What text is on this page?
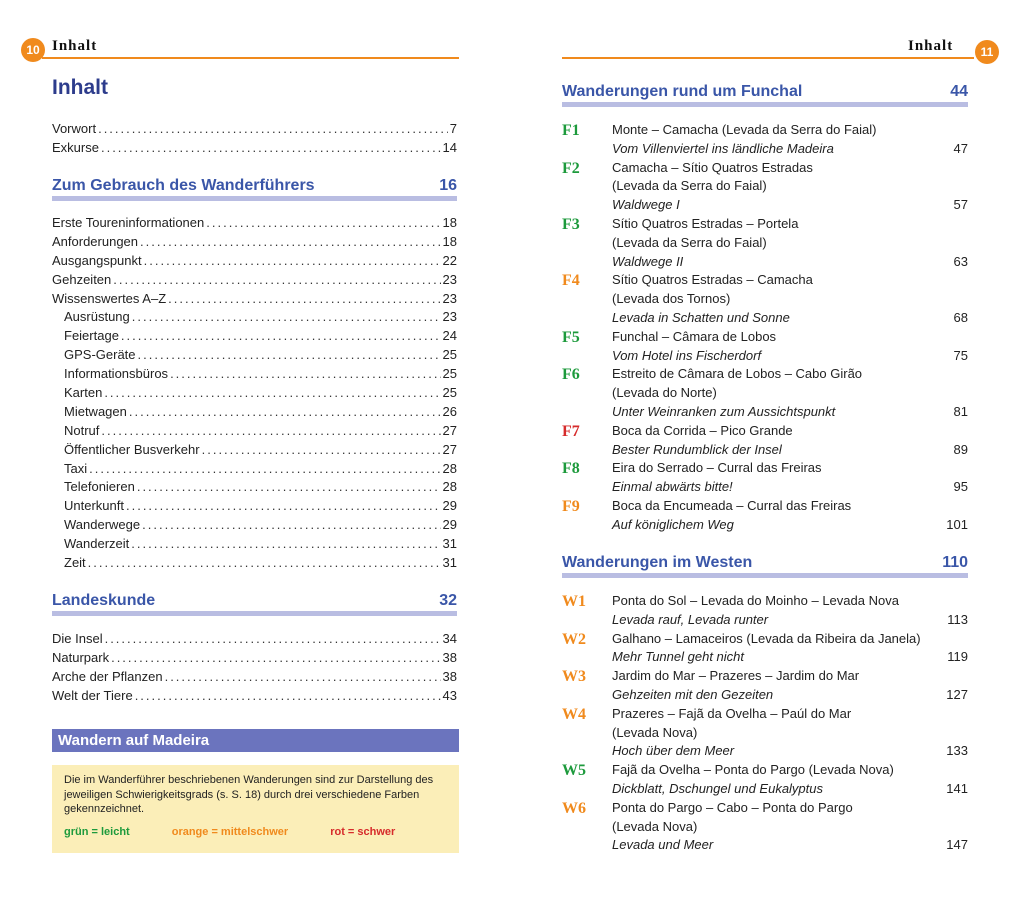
10 Inhalt
Inhalt
Vorwort .....	7
Exkurse .....	14
Zum Gebrauch des Wanderführers	16
Erste Toureninformationen .....	18
Anforderungen .....	18
Ausgangspunkt .....	22
Gehzeiten .....	23
Wissenswertes A–Z .....	23
Ausrüstung .....	23
Feiertage .....	24
GPS-Geräte .....	25
Informationsbüros .....	25
Karten .....	25
Mietwagen .....	26
Notruf .....	27
Öffentlicher Busverkehr .....	27
Taxi .....	28
Telefonieren .....	28
Unterkunft .....	29
Wanderwege .....	29
Wanderzeit .....	31
Zeit .....	31
Landeskunde	32
Die Insel .....	34
Naturpark .....	38
Arche der Pflanzen .....	38
Welt der Tiere .....	43
Wandern auf Madeira
Die im Wanderführer beschriebenen Wanderungen sind zur Darstellung des jeweiligen Schwierigkeitsgrads (s. S. 18) durch drei verschiedene Farben gekennzeichnet.
grün = leicht	orange = mittelschwer	rot = schwer
Inhalt	11
Wanderungen rund um Funchal	44
F1 Monte – Camacha (Levada da Serra do Faial)
Vom Villenviertel ins ländliche Madeira	47
F2 Camacha – Sítio Quatros Estradas
(Levada da Serra do Faial)
Waldwege I	57
F3 Sítio Quatros Estradas – Portela
(Levada da Serra do Faial)
Waldwege II	63
F4 Sítio Quatros Estradas – Camacha
(Levada dos Tornos)
Levada in Schatten und Sonne	68
F5 Funchal – Câmara de Lobos
Vom Hotel ins Fischerdorf	75
F6 Estreito de Câmara de Lobos – Cabo Girão
(Levada do Norte)
Unter Weinranken zum Aussichtspunkt	81
F7 Boca da Corrida – Pico Grande
Bester Rundumblick der Insel	89
F8 Eira do Serrado – Curral das Freiras
Einmal abwärts bitte!	95
F9 Boca da Encumeada – Curral das Freiras
Auf königlichem Weg	101
Wanderungen im Westen	110
W1 Ponta do Sol – Levada do Moinho – Levada Nova
Levada rauf, Levada runter	113
W2 Galhano – Lamaceiros (Levada da Ribeira da Janela)
Mehr Tunnel geht nicht	119
W3 Jardim do Mar – Prazeres – Jardim do Mar
Gehzeiten mit den Gezeiten	127
W4 Prazeres – Fajã da Ovelha – Paúl do Mar
(Levada Nova)
Hoch über dem Meer	133
W5 Fajã da Ovelha – Ponta do Pargo (Levada Nova)
Dickblatt, Dschungel und Eukalyptus	141
W6 Ponta do Pargo – Cabo – Ponta do Pargo
(Levada Nova)
Levada und Meer	147
